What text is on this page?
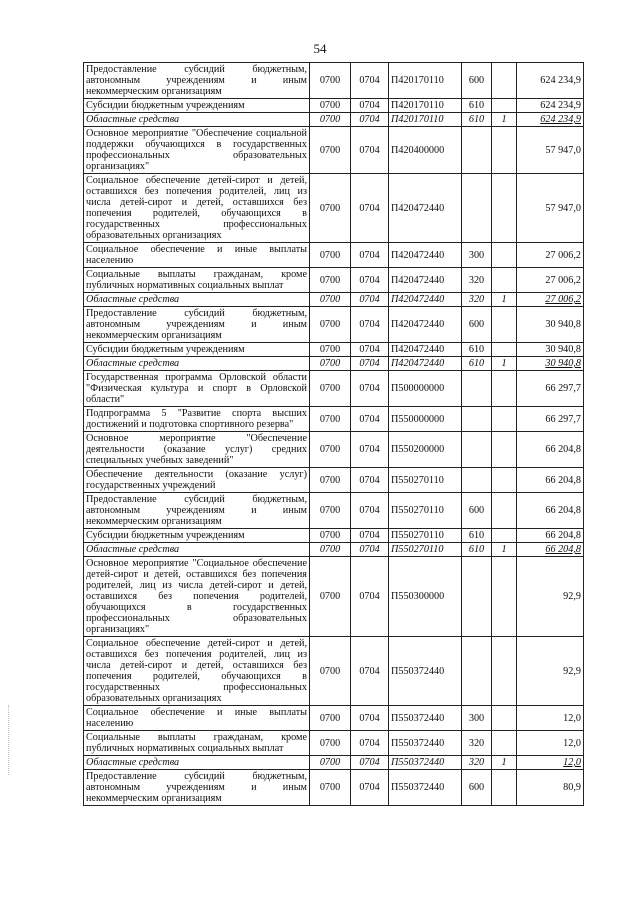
54
Предоставление субсидий бюджетным, автономным учреждениям и иным некоммерческим организациям	0700	0704	П420170110	600		624 234,9
Субсидии бюджетным учреждениям	0700	0704	П420170110	610		624 234,9
Областные средства	0700	0704	П420170110	610	1	624 234,9
Основное мероприятие "Обеспечение социальной поддержки обучающихся в государственных профессиональных образовательных организациях"	0700	0704	П420400000			57 947,0
Социальное обеспечение детей-сирот и детей, оставшихся без попечения родителей, лиц из числа детей-сирот и детей, оставшихся без попечения родителей, обучающихся в государственных профессиональных образовательных организациях	0700	0704	П420472440			57 947,0
Социальное обеспечение и иные выплаты населению	0700	0704	П420472440	300		27 006,2
Социальные выплаты гражданам, кроме публичных нормативных социальных выплат	0700	0704	П420472440	320		27 006,2
Областные средства	0700	0704	П420472440	320	1	27 006,2
Предоставление субсидий бюджетным, автономным учреждениям и иным некоммерческим организациям	0700	0704	П420472440	600		30 940,8
Субсидии бюджетным учреждениям	0700	0704	П420472440	610		30 940,8
Областные средства	0700	0704	П420472440	610	1	30 940,8
Государственная программа Орловской области "Физическая культура и спорт в Орловской области"	0700	0704	П500000000			66 297,7
Подпрограмма 5 "Развитие спорта высших достижений и подготовка спортивного резерва"	0700	0704	П550000000			66 297,7
Основное мероприятие "Обеспечение деятельности (оказание услуг) средних специальных учебных заведений"	0700	0704	П550200000			66 204,8
Обеспечение деятельности (оказание услуг) государственных учреждений	0700	0704	П550270110			66 204,8
Предоставление субсидий бюджетным, автономным учреждениям и иным некоммерческим организациям	0700	0704	П550270110	600		66 204,8
Субсидии бюджетным учреждениям	0700	0704	П550270110	610		66 204,8
Областные средства	0700	0704	П550270110	610	1	66 204,8
Основное мероприятие "Социальное обеспечение детей-сирот и детей, оставшихся без попечения родителей, лиц из числа детей-сирот и детей, оставшихся без попечения родителей, обучающихся в государственных профессиональных образовательных организациях"	0700	0704	П550300000			92,9
Социальное обеспечение детей-сирот и детей, оставшихся без попечения родителей, лиц из числа детей-сирот и детей, оставшихся без попечения родителей, обучающихся в государственных профессиональных образовательных организациях	0700	0704	П550372440			92,9
Социальное обеспечение и иные выплаты населению	0700	0704	П550372440	300		12,0
Социальные выплаты гражданам, кроме публичных нормативных социальных выплат	0700	0704	П550372440	320		12,0
Областные средства	0700	0704	П550372440	320	1	12,0
Предоставление субсидий бюджетным, автономным учреждениям и иным некоммерческим организациям	0700	0704	П550372440	600		80,9
